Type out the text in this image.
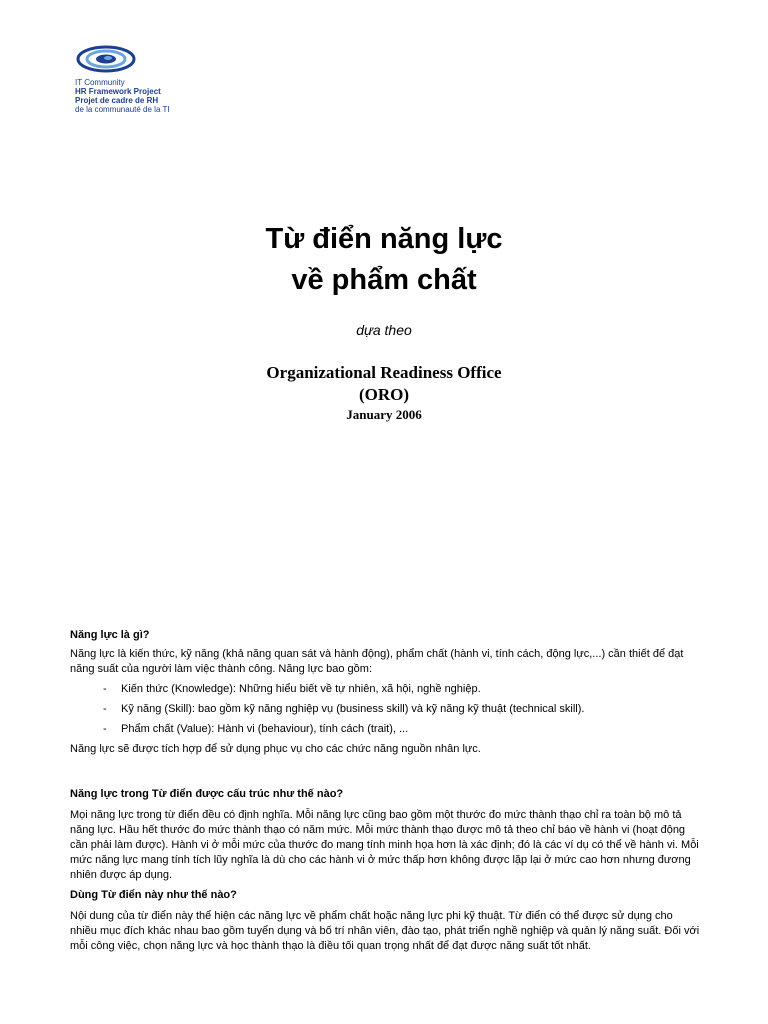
IT Community
HR Framework Project
Projet de cadre de RH
de la communauté de la TI
Từ điển năng lực
về phẩm chất
dựa theo
Organizational Readiness Office
(ORO)
January 2006
Năng lực là gì?
Năng lực là kiến thức, kỹ năng (khả năng quan sát và hành động), phẩm chất (hành vi, tính cách, động lực,...) cần thiết để đạt năng suất của người làm việc thành công. Năng lực bao gồm:
- Kiến thức (Knowledge): Những hiểu biết về tự nhiên, xã hội, nghề nghiệp.
- Kỹ năng (Skill): bao gồm kỹ năng nghiệp vụ (business skill) và kỹ năng kỹ thuật (technical skill).
- Phẩm chất (Value): Hành vi (behaviour), tính cách (trait), ...
Năng lực sẽ được tích hợp để sử dụng phục vụ cho các chức năng nguồn nhân lực.
Năng lực trong Từ điển được cấu trúc như thế nào?
Mọi năng lực trong từ điển đều có định nghĩa. Mỗi năng lực cũng bao gồm một thước đo mức thành thạo chỉ ra toàn bộ mô tả năng lực. Hầu hết thước đo mức thành thạo có năm mức. Mỗi mức thành thạo được mô tả theo chỉ báo về hành vi (hoạt động cần phải làm được). Hành vi ở mỗi mức của thước đo mang tính minh họa hơn là xác định; đó là các ví dụ có thể về hành vi. Mỗi mức năng lực mang tính tích lũy nghĩa là dù cho các hành vi ở mức thấp hơn không được lặp lại ở mức cao hơn nhưng đương nhiên được áp dụng.
Dùng Từ điển này như thế nào?
Nội dung của từ điển này thể hiện các năng lực về phẩm chất hoặc năng lực phi kỹ thuật. Từ điển có thể được sử dụng cho nhiều mục đích khác nhau bao gồm tuyển dụng và bố trí nhân viên, đào tạo, phát triển nghề nghiệp và quản lý năng suất. Đối với mỗi công việc, chọn năng lực và học thành thạo là điều tối quan trọng nhất để đạt được năng suất tốt nhất.
